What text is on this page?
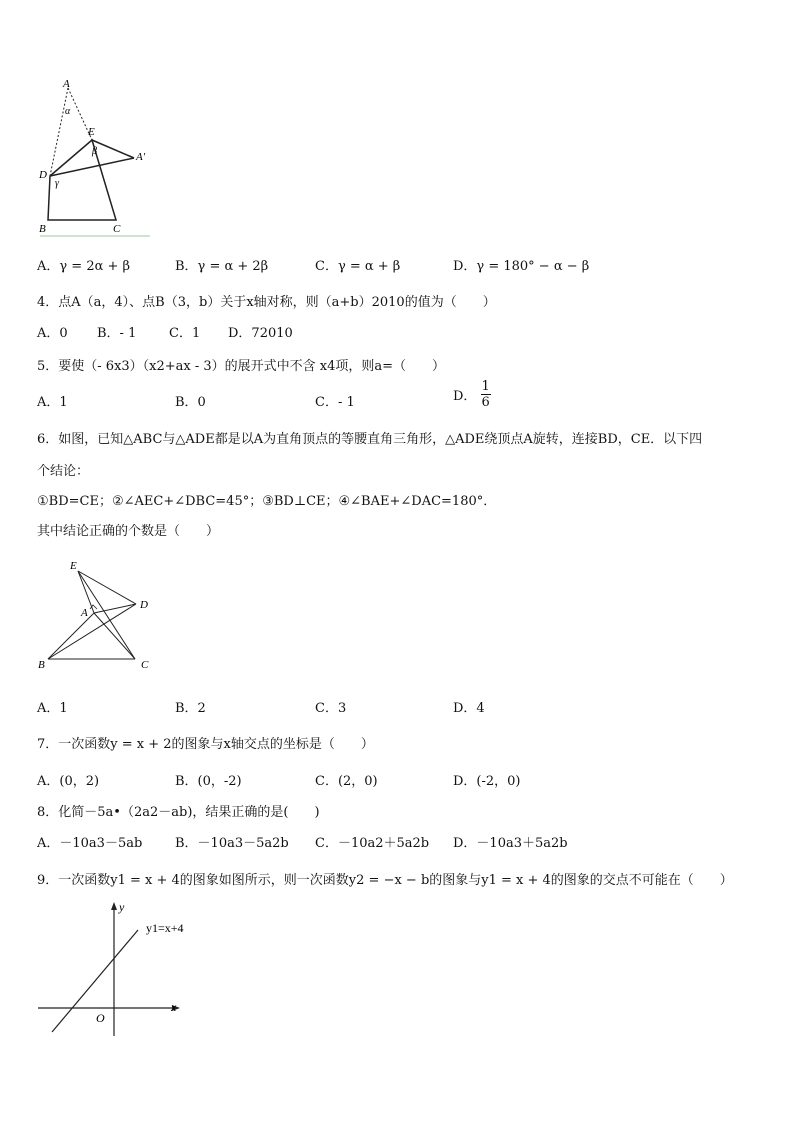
A
α
E
β	A′
D
γ
B	C
A．γ = 2α + β	B．γ = α + 2β	C．γ = α + β	D．γ = 180° − α − β
4．点A（a，4）、点B（3，b）关于x轴对称，则（a+b）2010的值为（　　）
A．0 B．- 1	C．1 D．72010
5．要使（- 6x3）（x2+ax - 3）的展开式中不含 x4项，则a=（　　）
A．1	B．0	C．- 1	D． $\frac{1}{6}$
6．如图，已知△ABC与△ADE都是以A为直角顶点的等腰直角三角形，△ADE绕顶点A旋转，连接BD，CE．以下四
个结论：
①BD=CE；②∠AEC+∠DBC=45°；③BD⊥CE；④∠BAE+∠DAC=180°．
其中结论正确的个数是（　　）
E
D
A
B	C
A．1	B．2	C．3	D．4
7．一次函数y = x + 2的图象与x轴交点的坐标是（　　）
A．(0，2)	B．(0，-2)	C．(2，0)	D．(-2，0)
8．化简－5a•（2a2－ab)，结果正确的是(　　)
A．－10a3－5ab	B．－10a3－5a2b C．－10a2＋5a2b D．－10a3＋5a2b
9．一次函数y1 = x + 4的图象如图所示，则一次函数y2 = −x − b的图象与y1 = x + 4的图象的交点不可能在（　　）
y
x
O
y1=x+4
